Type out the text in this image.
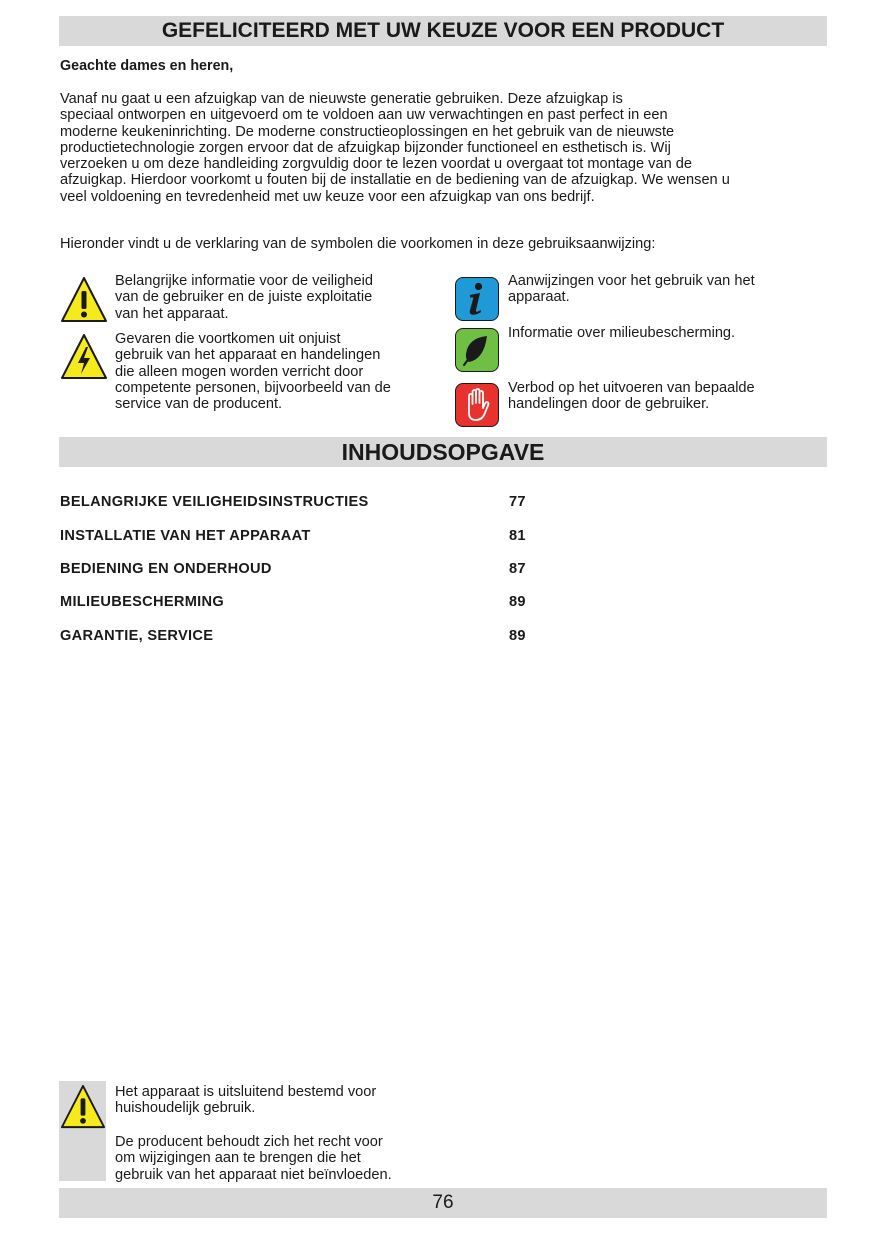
GEFELICITEERD MET UW KEUZE VOOR EEN PRODUCT
Geachte dames en heren,
Vanaf nu gaat u een afzuigkap van de nieuwste generatie gebruiken. Deze afzuigkap is
speciaal ontworpen en uitgevoerd om te voldoen aan uw verwachtingen en past perfect in een
moderne keukeninrichting. De moderne constructieoplossingen en het gebruik van de nieuwste
productietechnologie zorgen ervoor dat de afzuigkap bijzonder functioneel en esthetisch is. Wij
verzoeken u om deze handleiding zorgvuldig door te lezen voordat u overgaat tot montage van de
afzuigkap. Hierdoor voorkomt u fouten bij de installatie en de bediening van de afzuigkap. We wensen u
veel voldoening en tevredenheid met uw keuze voor een afzuigkap van ons bedrijf.
Hieronder vindt u de verklaring van de symbolen die voorkomen in deze gebruiksaanwijzing:
Belangrijke informatie voor de veiligheid
van de gebruiker en de juiste exploitatie
van het apparaat.
Gevaren die voortkomen uit onjuist
gebruik van het apparaat en handelingen
die alleen mogen worden verricht door
competente personen, bijvoorbeeld van de
service van de producent.
Aanwijzingen voor het gebruik van het
apparaat.
Informatie over milieubescherming.
Verbod op het uitvoeren van bepaalde
handelingen door de gebruiker.
INHOUDSOPGAVE
BELANGRIJKE VEILIGHEIDSINSTRUCTIES	77
INSTALLATIE VAN HET APPARAAT	81
BEDIENING EN ONDERHOUD	87
MILIEUBESCHERMING	89
GARANTIE, SERVICE	89
Het apparaat is uitsluitend bestemd voor
huishoudelijk gebruik.
De producent behoudt zich het recht voor
om wijzigingen aan te brengen die het
gebruik van het apparaat niet beïnvloeden.
76
